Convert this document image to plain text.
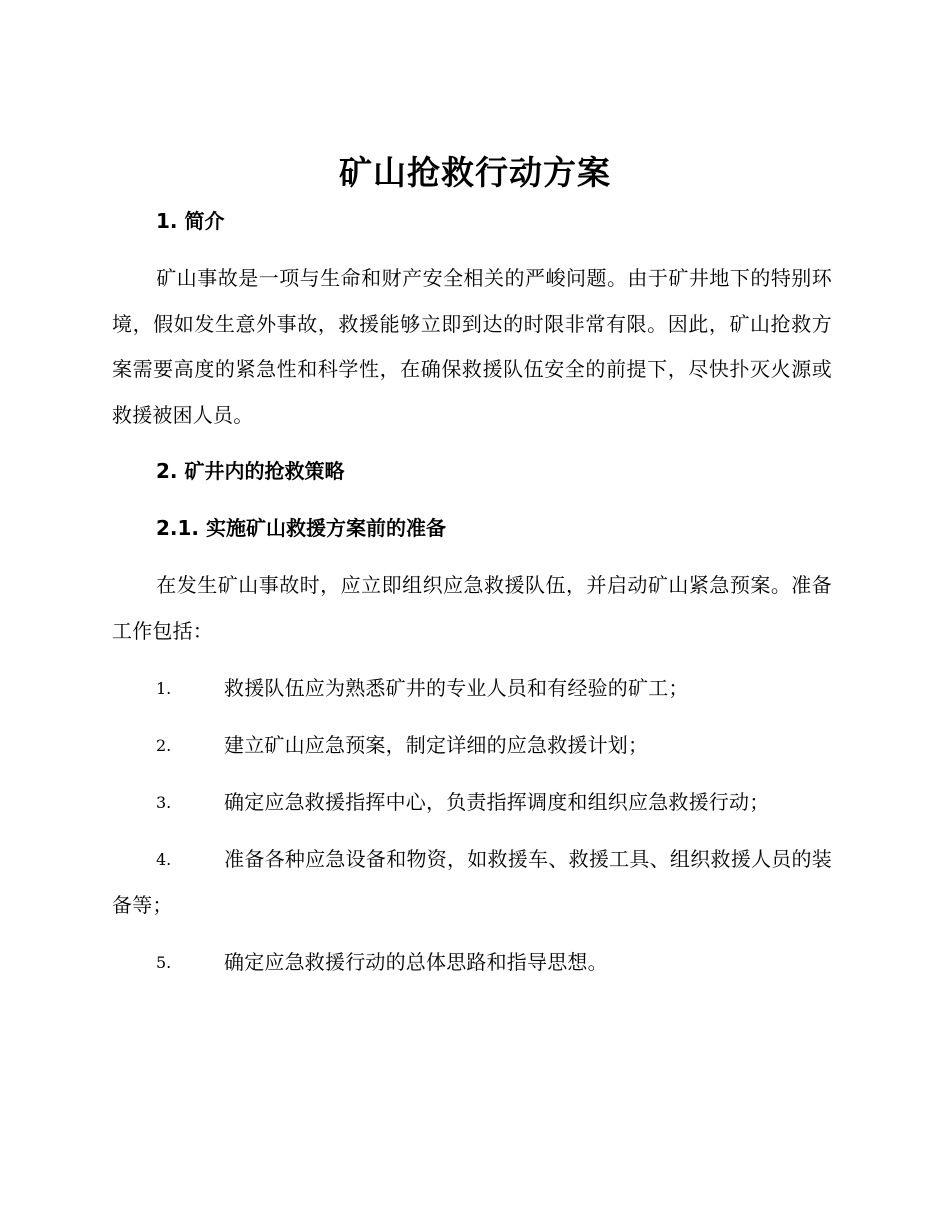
矿山抢救行动方案
1. 简介
矿山事故是一项与生命和财产安全相关的严峻问题。由于矿井地下的特别环境，假如发生意外事故，救援能够立即到达的时限非常有限。因此，矿山抢救方案需要高度的紧急性和科学性，在确保救援队伍安全的前提下，尽快扑灭火源或救援被困人员。
2. 矿井内的抢救策略
2.1. 实施矿山救援方案前的准备
在发生矿山事故时，应立即组织应急救援队伍，并启动矿山紧急预案。准备工作包括：
1.	救援队伍应为熟悉矿井的专业人员和有经验的矿工；
2.	建立矿山应急预案，制定详细的应急救援计划；
3.	确定应急救援指挥中心，负责指挥调度和组织应急救援行动；
4.	准备各种应急设备和物资，如救援车、救援工具、组织救援人员的装备等；
5.	确定应急救援行动的总体思路和指导思想。
